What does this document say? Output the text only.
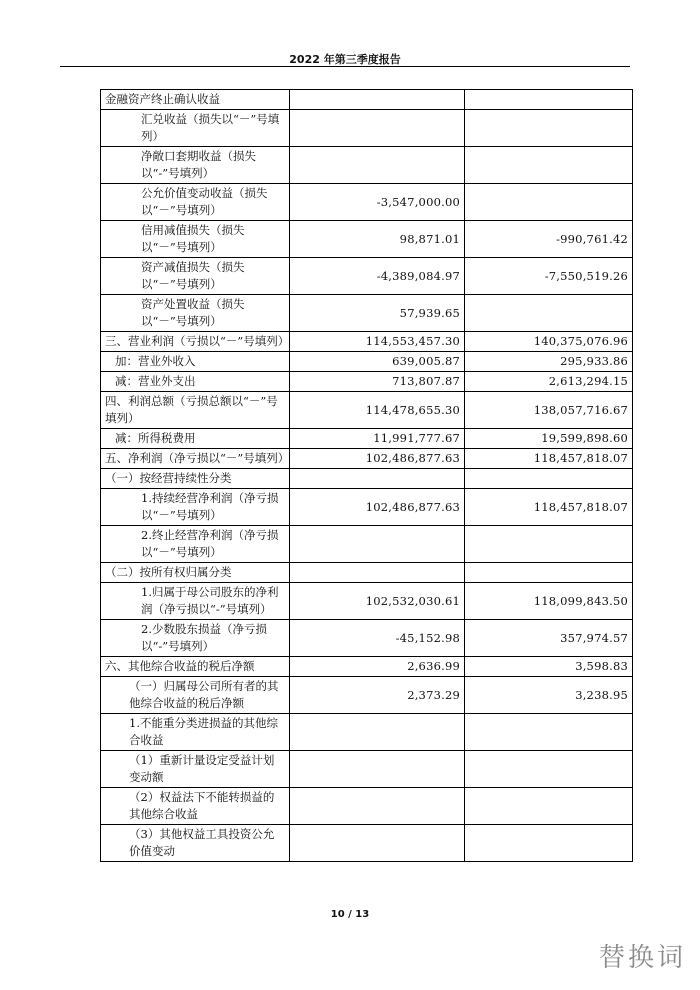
2022 年第三季度报告
金融资产终止确认收益		
汇兑收益（损失以“－”号填列）		
净敞口套期收益（损失以“-”号填列）		
公允价值变动收益（损失以“－”号填列）	-3,547,000.00	
信用减值损失（损失以“－”号填列）	98,871.01	-990,761.42
资产减值损失（损失以“－”号填列）	-4,389,084.97	-7,550,519.26
资产处置收益（损失以“－”号填列）	57,939.65	
三、营业利润（亏损以“－”号填列）	114,553,457.30	140,375,076.96
加：营业外收入	639,005.87	295,933.86
减：营业外支出	713,807.87	2,613,294.15
四、利润总额（亏损总额以“－”号填列）	114,478,655.30	138,057,716.67
减：所得税费用	11,991,777.67	19,599,898.60
五、净利润（净亏损以“－”号填列）	102,486,877.63	118,457,818.07
（一）按经营持续性分类		
1.持续经营净利润（净亏损以“－”号填列）	102,486,877.63	118,457,818.07
2.终止经营净利润（净亏损以“－”号填列）		
（二）按所有权归属分类		
1.归属于母公司股东的净利润（净亏损以“-”号填列）	102,532,030.61	118,099,843.50
2.少数股东损益（净亏损以“-”号填列）	-45,152.98	357,974.57
六、其他综合收益的税后净额	2,636.99	3,598.83
（一）归属母公司所有者的其他综合收益的税后净额	2,373.29	3,238.95
1.不能重分类进损益的其他综合收益		
（1）重新计量设定受益计划变动额		
（2）权益法下不能转损益的其他综合收益		
（3）其他权益工具投资公允价值变动		
10 / 13
替换词
